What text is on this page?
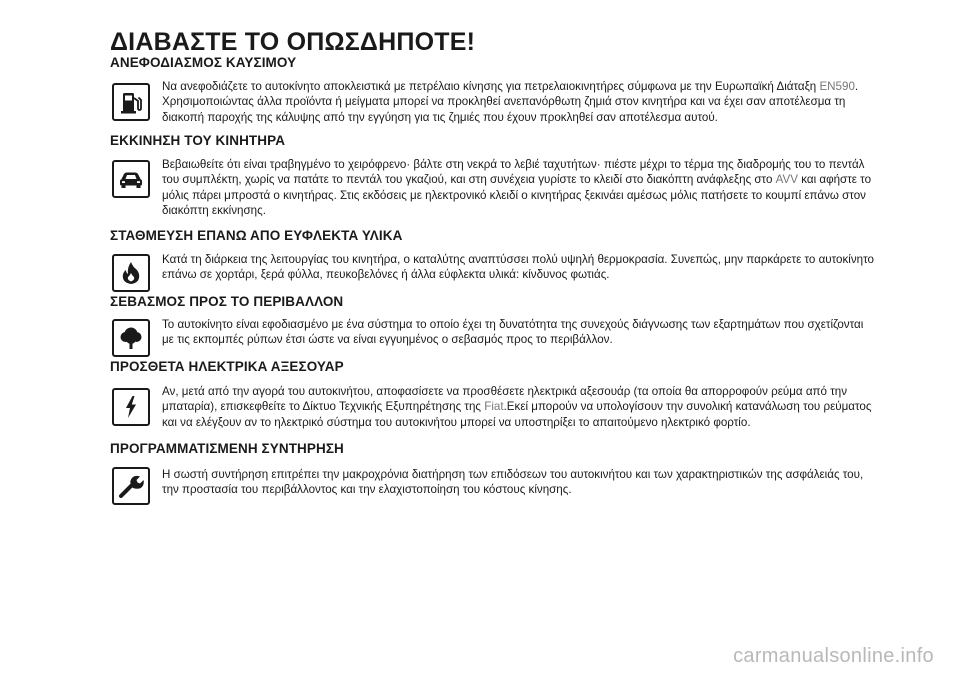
ΔΙΑΒΑΣΤΕ ΤΟ ΟΠΩΣΔΗΠΟΤΕ!
ΑΝΕΦΟΔΙΑΣΜΟΣ ΚΑΥΣΙΜΟΥ
Να ανεφοδιάζετε το αυτοκίνητο αποκλειστικά με πετρέλαιο κίνησης για πετρελαιοκινητήρες σύμφωνα με την Ευρωπαϊκή Διάταξη EN590.
Χρησιμοποιώντας άλλα προϊόντα ή μείγματα μπορεί να προκληθεί ανεπανόρθωτη ζημιά στον κινητήρα και να έχει σαν αποτέλεσμα τη
διακοπή παροχής της κάλυψης από την εγγύηση για τις ζημιές που έχουν προκληθεί σαν αποτέλεσμα αυτού.
ΕΚΚΙΝΗΣΗ ΤΟΥ ΚΙΝΗΤΗΡΑ
Βεβαιωθείτε ότι είναι τραβηγμένο το χειρόφρενο· βάλτε στη νεκρά το λεβιέ ταχυτήτων· πιέστε μέχρι το τέρμα της διαδρομής του το πεντάλ
του συμπλέκτη, χωρίς να πατάτε το πεντάλ του γκαζιού, και στη συνέχεια γυρίστε το κλειδί στο διακόπτη ανάφλεξης στο AVV και αφήστε το
μόλις πάρει μπροστά ο κινητήρας. Στις εκδόσεις με ηλεκτρονικό κλειδί ο κινητήρας ξεκινάει αμέσως μόλις πατήσετε το κουμπί επάνω στον
διακόπτη εκκίνησης.
ΣΤΑΘΜΕΥΣΗ ΕΠΑΝΩ ΑΠΟ ΕΥΦΛΕΚΤΑ ΥΛΙΚΑ
Κατά τη διάρκεια της λειτουργίας του κινητήρα, ο καταλύτης αναπτύσσει πολύ υψηλή θερμοκρασία. Συνεπώς, μην παρκάρετε το αυτοκίνητο
επάνω σε χορτάρι, ξερά φύλλα, πευκοβελόνες ή άλλα εύφλεκτα υλικά: κίνδυνος φωτιάς.
ΣΕΒΑΣΜΟΣ ΠΡΟΣ ΤΟ ΠΕΡΙΒΑΛΛΟΝ
Το αυτοκίνητο είναι εφοδιασμένο με ένα σύστημα το οποίο έχει τη δυνατότητα της συνεχούς διάγνωσης των εξαρτημάτων που σχετίζονται
με τις εκπομπές ρύπων έτσι ώστε να είναι εγγυημένος ο σεβασμός προς το περιβάλλον.
ΠΡΟΣΘΕΤΑ ΗΛΕΚΤΡΙΚΑ ΑΞΕΣΟΥΑΡ
Αν, μετά από την αγορά του αυτοκινήτου, αποφασίσετε να προσθέσετε ηλεκτρικά αξεσουάρ (τα οποία θα απορροφούν ρεύμα από την
μπαταρία), επισκεφθείτε το Δίκτυο Τεχνικής Εξυπηρέτησης της Fiat.Εκεί μπορούν να υπολογίσουν την συνολική κατανάλωση του ρεύματος
και να ελέγξουν αν το ηλεκτρικό σύστημα του αυτοκινήτου μπορεί να υποστηρίξει το απαιτούμενο ηλεκτρικό φορτίο.
ΠΡΟΓΡΑΜΜΑΤΙΣΜΕΝΗ ΣΥΝΤΗΡΗΣΗ
Η σωστή συντήρηση επιτρέπει την μακροχρόνια διατήρηση των επιδόσεων του αυτοκινήτου και των χαρακτηριστικών της ασφάλειάς του,
την προστασία του περιβάλλοντος και την ελαχιστοποίηση του κόστους κίνησης.
carmanualsonline.info
